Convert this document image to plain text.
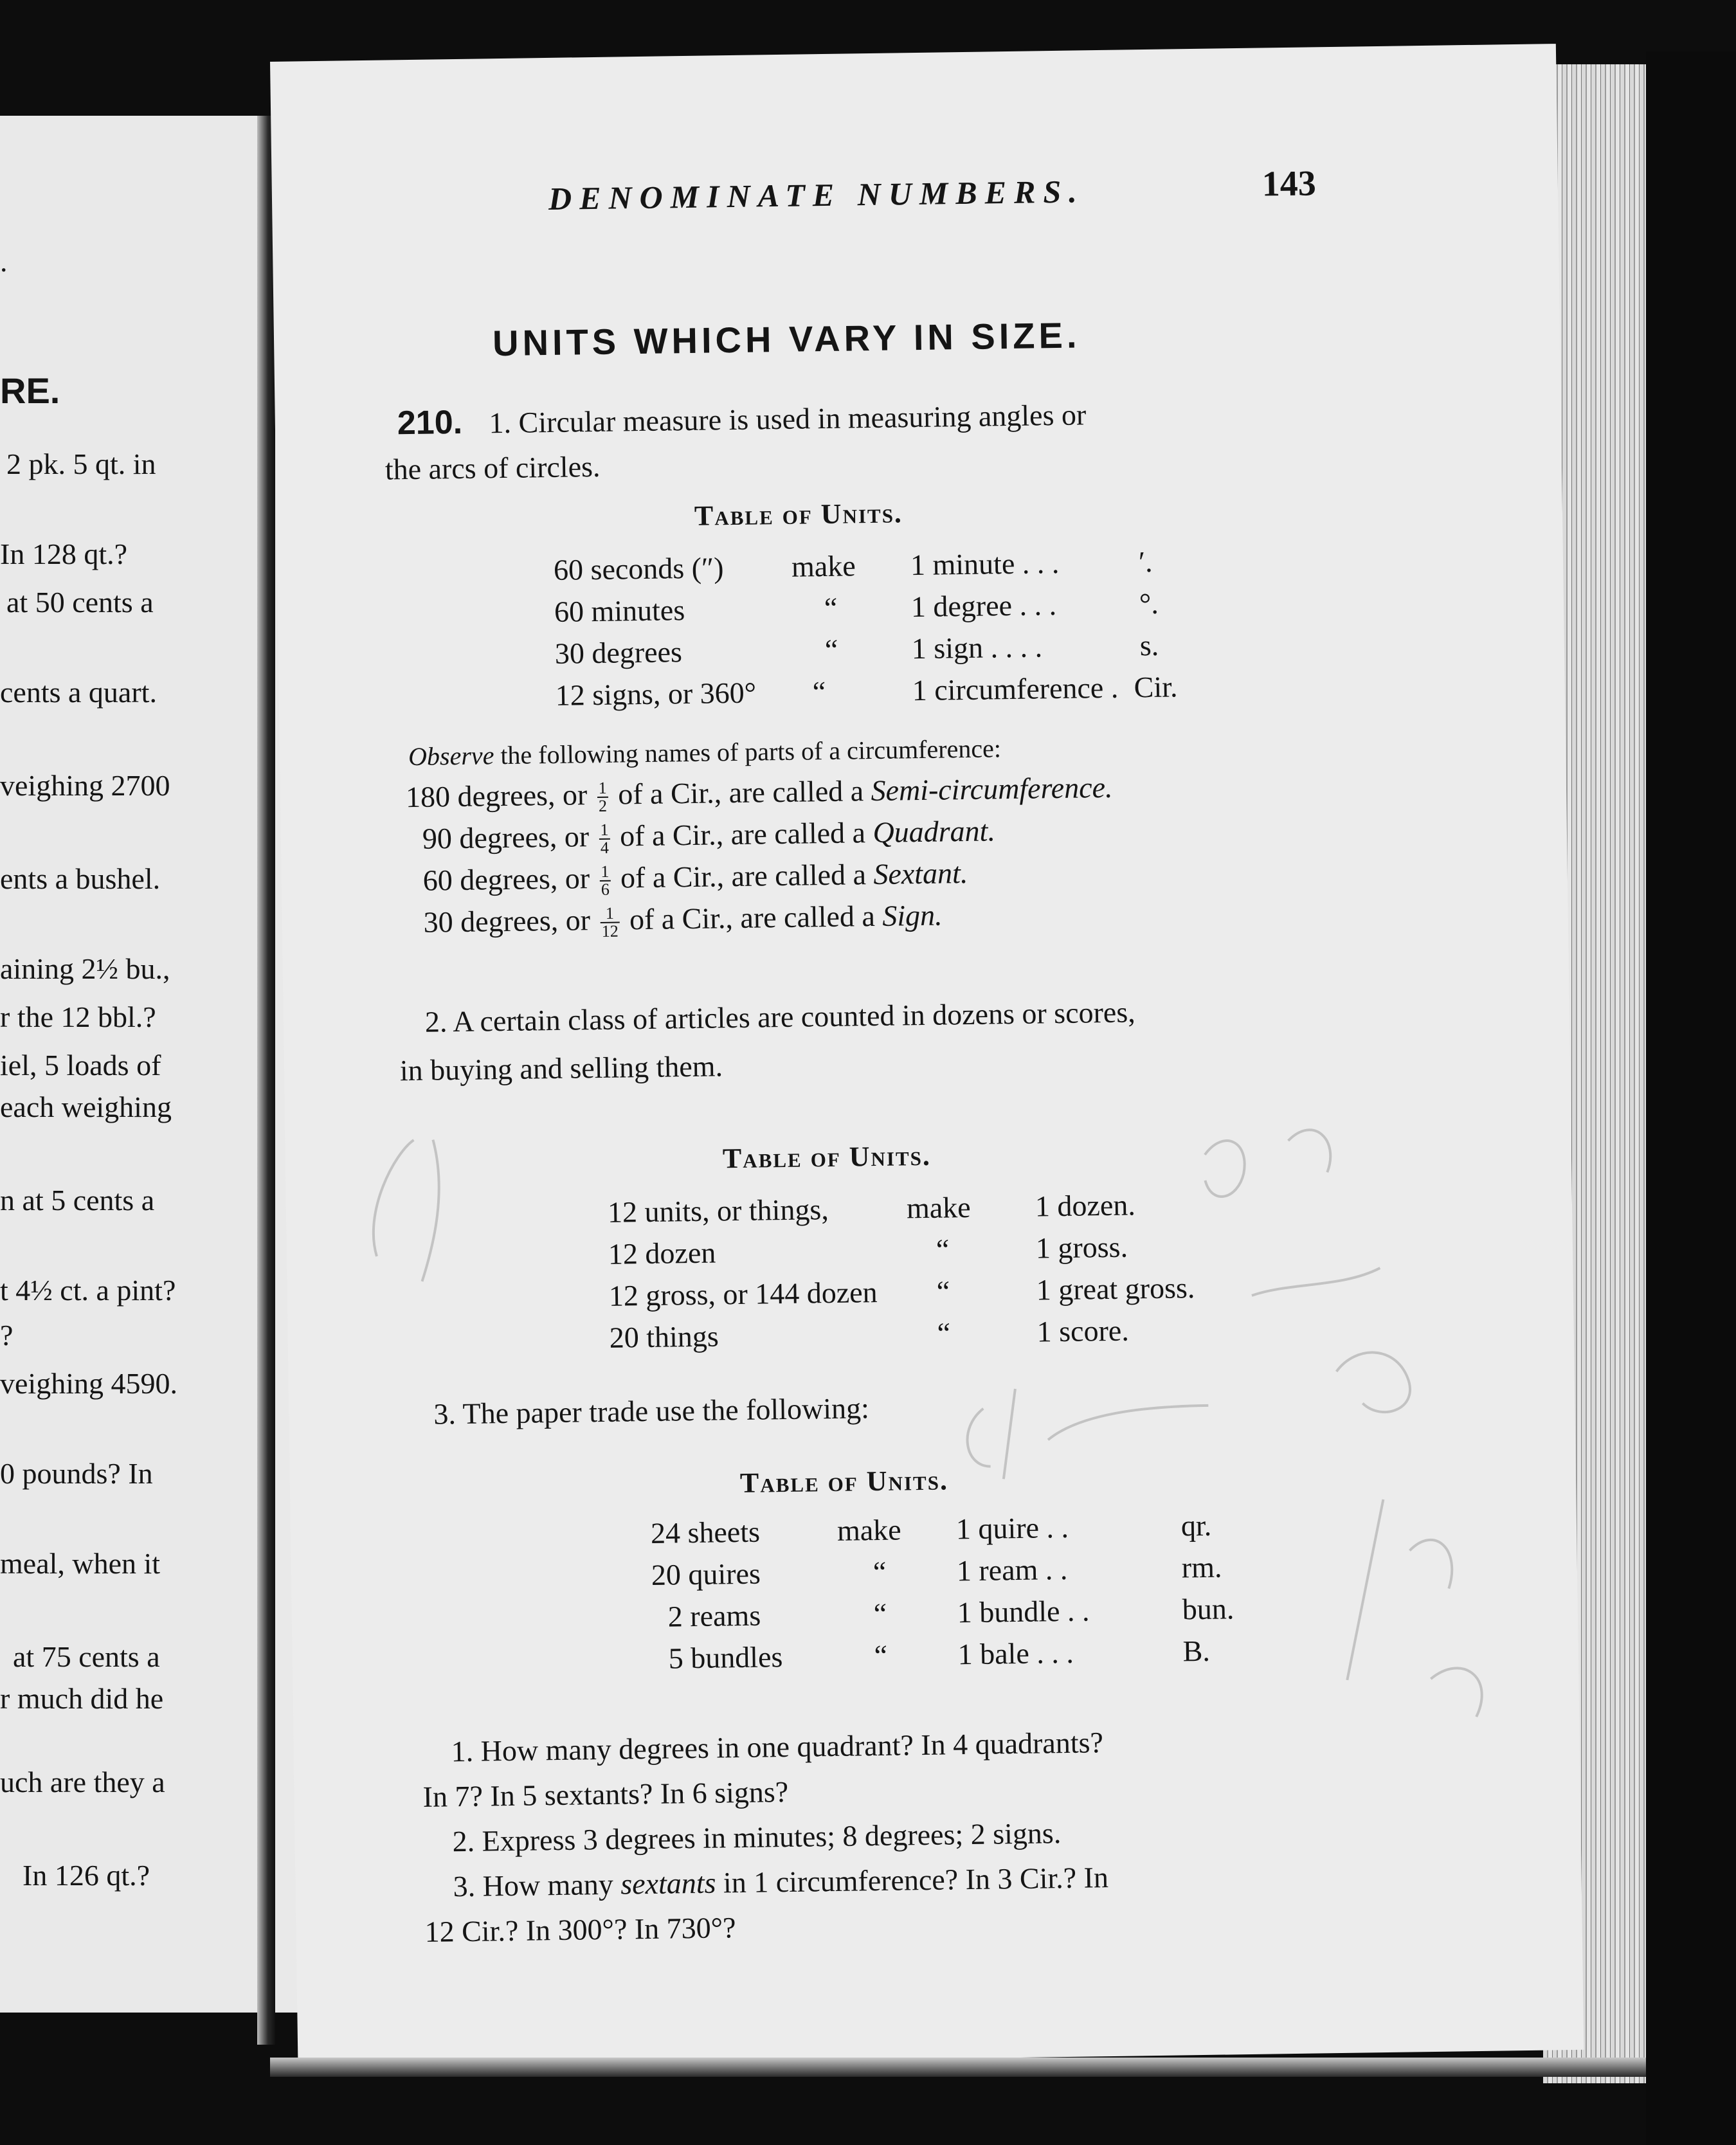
.
RE.
2 pk. 5 qt. in
In 128 qt.?
at 50 cents a
cents a quart.
veighing 2700
ents a bushel.
aining 2½ bu.,
r the 12 bbl.?
iel, 5 loads of
each weighing
n at 5 cents a
t 4½ ct. a pint?
?
veighing 4590.
0 pounds? In
meal, when it
at 75 cents a
r much did he
uch are they a
In 126 qt.?
DENOMINATE NUMBERS.	143
UNITS WHICH VARY IN SIZE.
210. 1. Circular measure is used in measuring angles or
the arcs of circles.
Table of Units.
60 seconds (″) make 1 minute . . .	′.
60 minutes	“ 1 degree . . .	°.
30 degrees	“ 1 sign . . . .	s.
12 signs, or 360° “	1 circumference . Cir.
Observe the following names of parts of a circumference:
180 degrees, or $\frac{1}{2}$ of a Cir., are called a Semi-circumference.
90 degrees, or $\frac{1}{4}$ of a Cir., are called a Quadrant.
60 degrees, or $\frac{1}{6}$ of a Cir., are called a Sextant.
30 degrees, or $\frac{1}{12}$ of a Cir., are called a Sign.
2. A certain class of articles are counted in dozens or scores,
in buying and selling them.
Table of Units.
12 units, or things,	make 1 dozen.
12 dozen	“	1 gross.
12 gross, or 144 dozen “	1 great gross.
20 things	“	1 score.
3. The paper trade use the following:
Table of Units.
24 sheets	make 1 quire . .	qr.
20 quires	“ 1 ream . .	rm.
2 reams	“ 1 bundle . .	bun.
5 bundles	“ 1 bale . . .	B.
1. How many degrees in one quadrant? In 4 quadrants?
In 7? In 5 sextants? In 6 signs?
2. Express 3 degrees in minutes; 8 degrees; 2 signs.
3. How many sextants in 1 circumference? In 3 Cir.? In
12 Cir.? In 300°? In 730°?
